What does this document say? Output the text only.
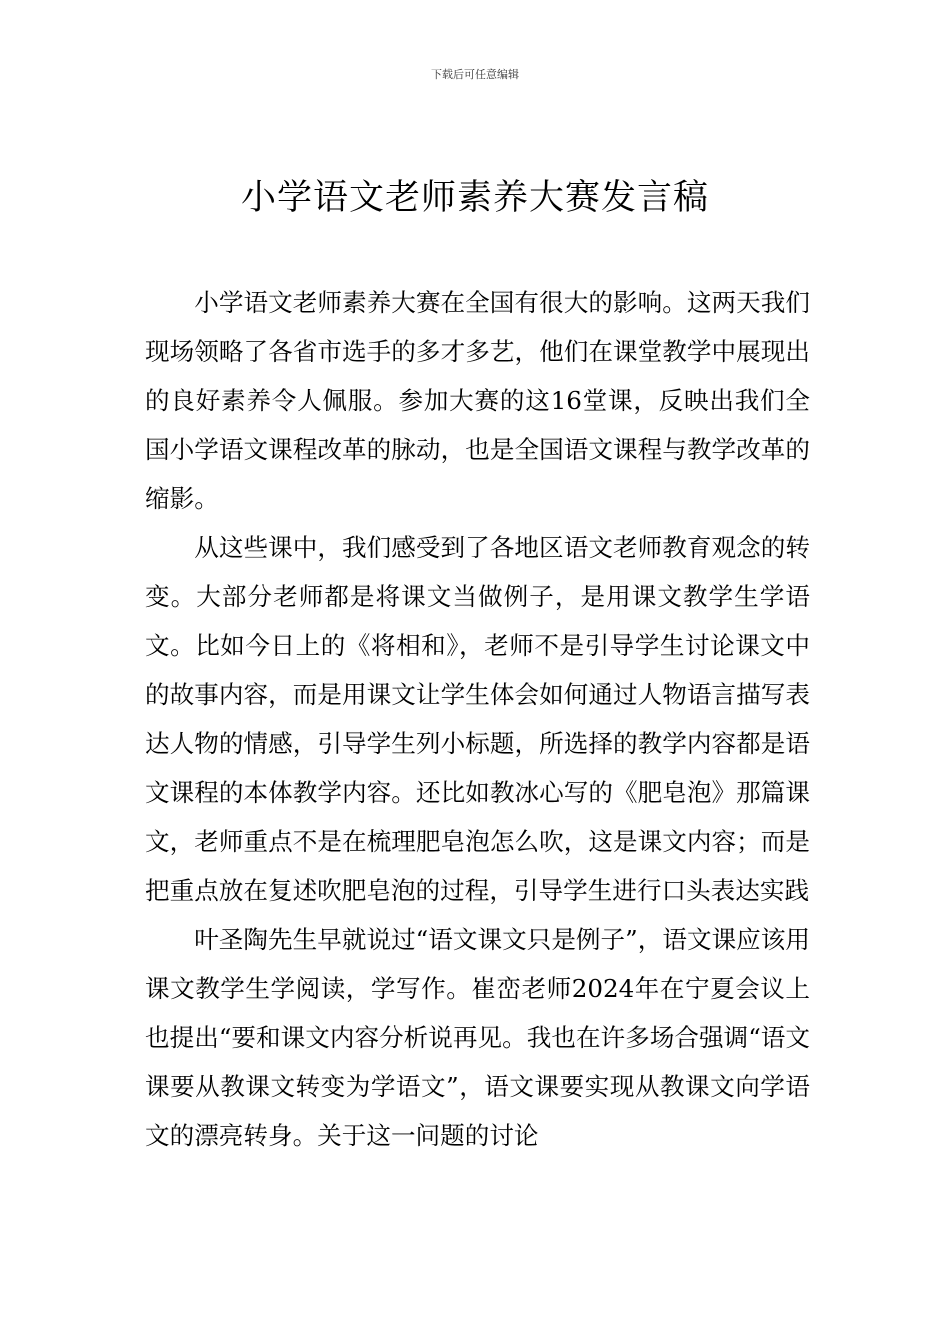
下载后可任意编辑
小学语文老师素养大赛发言稿

小学语文老师素养大赛在全国有很大的影响。这两天我们现场领略了各省市选手的多才多艺，他们在课堂教学中展现出的良好素养令人佩服。参加大赛的这16堂课，反映出我们全国小学语文课程改革的脉动，也是全国语文课程与教学改革的缩影。

从这些课中，我们感受到了各地区语文老师教育观念的转变。大部分老师都是将课文当做例子，是用课文教学生学语文。比如今日上的《将相和》，老师不是引导学生讨论课文中的故事内容，而是用课文让学生体会如何通过人物语言描写表达人物的情感，引导学生列小标题，所选择的教学内容都是语文课程的本体教学内容。还比如教冰心写的《肥皂泡》那篇课文，老师重点不是在梳理肥皂泡怎么吹，这是课文内容；而是把重点放在复述吹肥皂泡的过程，引导学生进行口头表达实践

叶圣陶先生早就说过“语文课文只是例子”，语文课应该用课文教学生学阅读，学写作。崔峦老师2024年在宁夏会议上也提出“要和课文内容分析说再见。我也在许多场合强调“语文课要从教课文转变为学语文”，语文课要实现从教课文向学语文的漂亮转身。关于这一问题的讨论
